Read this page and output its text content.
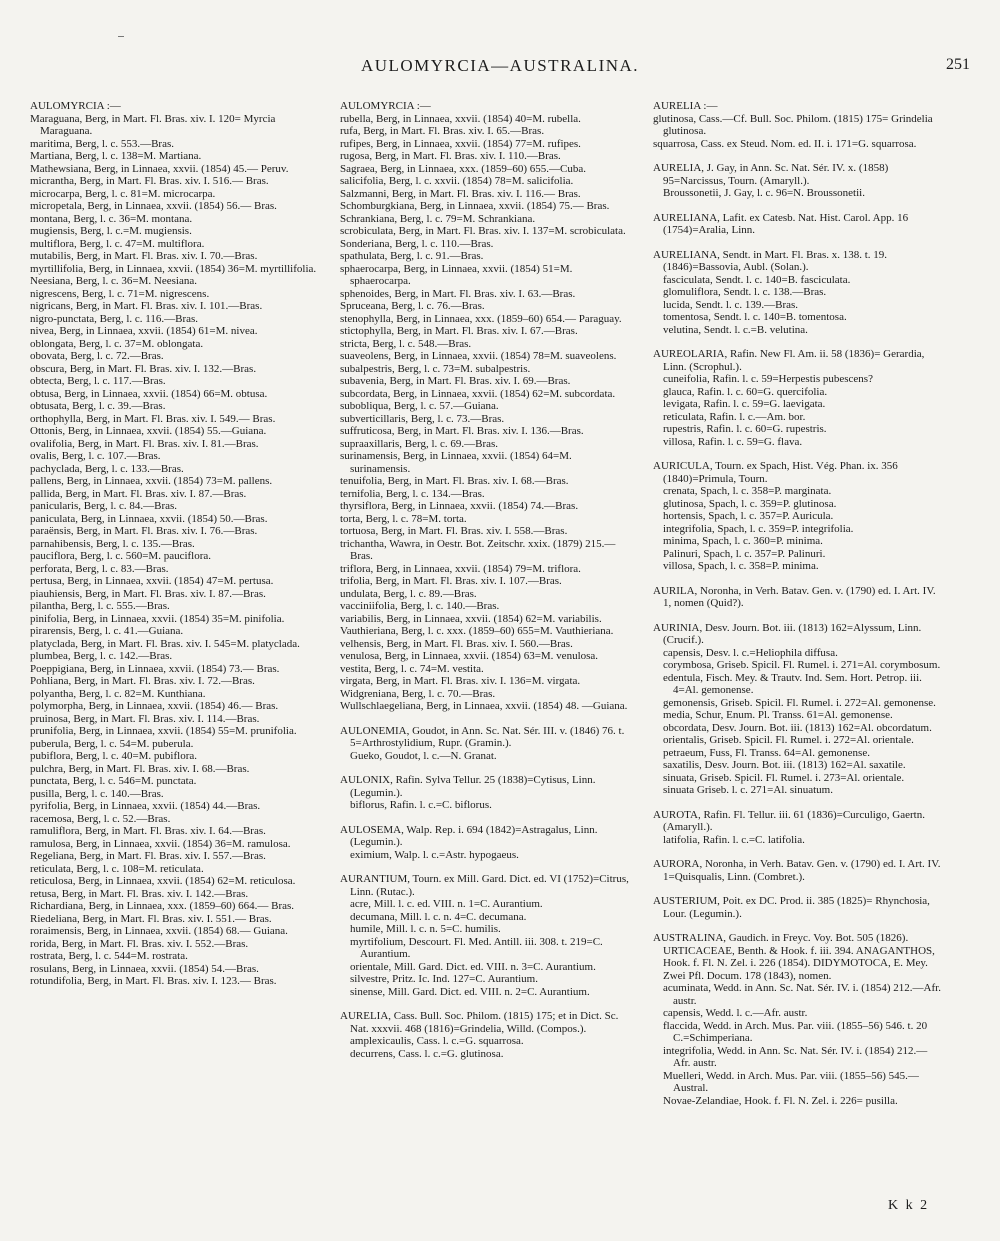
AULOMYRCIA—AUSTRALINA.	251
AULOMYRCIA :—

Maraguana, Berg, in Mart. Fl. Bras. xiv. I. 120= Myrcia Maraguana.

maritima, Berg, l. c. 553.—Bras.

Martiana, Berg, l. c. 138=M. Martiana.

Mathewsiana, Berg, in Linnaea, xxvii. (1854) 45.— Peruv.

micrantha, Berg, in Mart. Fl. Bras. xiv. I. 516.— Bras.

microcarpa, Berg, l. c. 81=M. microcarpa.

micropetala, Berg, in Linnaea, xxvii. (1854) 56.— Bras.

montana, Berg, l. c. 36=M. montana.

mugiensis, Berg, l. c.=M. mugiensis.

multiflora, Berg, l. c. 47=M. multiflora.

mutabilis, Berg, in Mart. Fl. Bras. xiv. I. 70.—Bras.

myrtillifolia, Berg, in Linnaea, xxvii. (1854) 36=M. myrtillifolia.

Neesiana, Berg, l. c. 36=M. Neesiana.

nigrescens, Berg, l. c. 71=M. nigrescens.

nigricans, Berg, in Mart. Fl. Bras. xiv. I. 101.—Bras.

nigro-punctata, Berg, l. c. 116.—Bras.

nivea, Berg, in Linnaea, xxvii. (1854) 61=M. nivea.

oblongata, Berg, l. c. 37=M. oblongata.

obovata, Berg, l. c. 72.—Bras.

obscura, Berg, in Mart. Fl. Bras. xiv. I. 132.—Bras.

obtecta, Berg, l. c. 117.—Bras.

obtusa, Berg, in Linnaea, xxvii. (1854) 66=M. obtusa.

obtusata, Berg, l. c. 39.—Bras.

orthophylla, Berg, in Mart. Fl. Bras. xiv. I. 549.— Bras.

Ottonis, Berg, in Linnaea, xxvii. (1854) 55.—Guiana.

ovalifolia, Berg, in Mart. Fl. Bras. xiv. I. 81.—Bras.

ovalis, Berg, l. c. 107.—Bras.

pachyclada, Berg, l. c. 133.—Bras.

pallens, Berg, in Linnaea, xxvii. (1854) 73=M. pallens.

pallida, Berg, in Mart. Fl. Bras. xiv. I. 87.—Bras.

panicularis, Berg, l. c. 84.—Bras.

paniculata, Berg, in Linnaea, xxvii. (1854) 50.—Bras.

paraënsis, Berg, in Mart. Fl. Bras. xiv. I. 76.—Bras.

parnahibensis, Berg, l. c. 135.—Bras.

pauciflora, Berg, l. c. 560=M. pauciflora.

perforata, Berg, l. c. 83.—Bras.

pertusa, Berg, in Linnaea, xxvii. (1854) 47=M. pertusa.

piauhiensis, Berg, in Mart. Fl. Bras. xiv. I. 87.—Bras.

pilantha, Berg, l. c. 555.—Bras.

pinifolia, Berg, in Linnaea, xxvii. (1854) 35=M. pinifolia.

pirarensis, Berg, l. c. 41.—Guiana.

platyclada, Berg, in Mart. Fl. Bras. xiv. I. 545=M. platyclada.

plumbea, Berg, l. c. 142.—Bras.

Poeppigiana, Berg, in Linnaea, xxvii. (1854) 73.— Bras.

Pohliana, Berg, in Mart. Fl. Bras. xiv. I. 72.—Bras.

polyantha, Berg, l. c. 82=M. Kunthiana.

polymorpha, Berg, in Linnaea, xxvii. (1854) 46.— Bras.

pruinosa, Berg, in Mart. Fl. Bras. xiv. I. 114.—Bras.

prunifolia, Berg, in Linnaea, xxvii. (1854) 55=M. prunifolia.

puberula, Berg, l. c. 54=M. puberula.

pubiflora, Berg, l. c. 40=M. pubiflora.

pulchra, Berg, in Mart. Fl. Bras. xiv. I. 68.—Bras.

punctata, Berg, l. c. 546=M. punctata.

pusilla, Berg, l. c. 140.—Bras.

pyrifolia, Berg, in Linnaea, xxvii. (1854) 44.—Bras.

racemosa, Berg, l. c. 52.—Bras.

ramuliflora, Berg, in Mart. Fl. Bras. xiv. I. 64.—Bras.

ramulosa, Berg, in Linnaea, xxvii. (1854) 36=M. ramulosa.

Regeliana, Berg, in Mart. Fl. Bras. xiv. I. 557.—Bras.

reticulata, Berg, l. c. 108=M. reticulata.

reticulosa, Berg, in Linnaea, xxvii. (1854) 62=M. reticulosa.

retusa, Berg, in Mart. Fl. Bras. xiv. I. 142.—Bras.

Richardiana, Berg, in Linnaea, xxx. (1859–60) 664.— Bras.

Riedeliana, Berg, in Mart. Fl. Bras. xiv. I. 551.— Bras.

roraimensis, Berg, in Linnaea, xxvii. (1854) 68.— Guiana.

rorida, Berg, in Mart. Fl. Bras. xiv. I. 552.—Bras.

rostrata, Berg, l. c. 544=M. rostrata.

rosulans, Berg, in Linnaea, xxvii. (1854) 54.—Bras.

rotundifolia, Berg, in Mart. Fl. Bras. xiv. I. 123.— Bras.

AULOMYRCIA :—

rubella, Berg, in Linnaea, xxvii. (1854) 40=M. rubella.

rufa, Berg, in Mart. Fl. Bras. xiv. I. 65.—Bras.

rufipes, Berg, in Linnaea, xxvii. (1854) 77=M. rufipes.

rugosa, Berg, in Mart. Fl. Bras. xiv. I. 110.—Bras.

Sagraea, Berg, in Linnaea, xxx. (1859–60) 655.—Cuba.

salicifolia, Berg, l. c. xxvii. (1854) 78=M. salicifolia.

Salzmanni, Berg, in Mart. Fl. Bras. xiv. I. 116.— Bras.

Schomburgkiana, Berg, in Linnaea, xxvii. (1854) 75.— Bras.

Schrankiana, Berg, l. c. 79=M. Schrankiana.

scrobiculata, Berg, in Mart. Fl. Bras. xiv. I. 137=M. scrobiculata.

Sonderiana, Berg, l. c. 110.—Bras.

spathulata, Berg, l. c. 91.—Bras.

sphaerocarpa, Berg, in Linnaea, xxvii. (1854) 51=M. sphaerocarpa.

sphenoides, Berg, in Mart. Fl. Bras. xiv. I. 63.—Bras.

Spruceana, Berg, l. c. 76.—Bras.

stenophylla, Berg, in Linnaea, xxx. (1859–60) 654.— Paraguay.

stictophylla, Berg, in Mart. Fl. Bras. xiv. I. 67.—Bras.

stricta, Berg, l. c. 548.—Bras.

suaveolens, Berg, in Linnaea, xxvii. (1854) 78=M. suaveolens.

subalpestris, Berg, l. c. 73=M. subalpestris.

subavenia, Berg, in Mart. Fl. Bras. xiv. I. 69.—Bras.

subcordata, Berg, in Linnaea, xxvii. (1854) 62=M. subcordata.

subobliqua, Berg, l. c. 57.—Guiana.

subverticillaris, Berg, l. c. 73.—Bras.

suffruticosa, Berg, in Mart. Fl. Bras. xiv. I. 136.—Bras.

supraaxillaris, Berg, l. c. 69.—Bras.

surinamensis, Berg, in Linnaea, xxvii. (1854) 64=M. surinamensis.

tenuifolia, Berg, in Mart. Fl. Bras. xiv. I. 68.—Bras.

ternifolia, Berg, l. c. 134.—Bras.

thyrsiflora, Berg, in Linnaea, xxvii. (1854) 74.—Bras.

torta, Berg, l. c. 78=M. torta.

tortuosa, Berg, in Mart. Fl. Bras. xiv. I. 558.—Bras.

trichantha, Wawra, in Oestr. Bot. Zeitschr. xxix. (1879) 215.—Bras.

triflora, Berg, in Linnaea, xxvii. (1854) 79=M. triflora.

trifolia, Berg, in Mart. Fl. Bras. xiv. I. 107.—Bras.

undulata, Berg, l. c. 89.—Bras.

vacciniifolia, Berg, l. c. 140.—Bras.

variabilis, Berg, in Linnaea, xxvii. (1854) 62=M. variabilis.

Vauthieriana, Berg, l. c. xxx. (1859–60) 655=M. Vauthieriana.

velhensis, Berg, in Mart. Fl. Bras. xiv. I. 560.—Bras.

venulosa, Berg, in Linnaea, xxvii. (1854) 63=M. venulosa.

vestita, Berg, l. c. 74=M. vestita.

virgata, Berg, in Mart. Fl. Bras. xiv. I. 136=M. virgata.

Widgreniana, Berg, l. c. 70.—Bras.

Wullschlaegeliana, Berg, in Linnaea, xxvii. (1854) 48. —Guiana.

AULONEMIA, Goudot, in Ann. Sc. Nat. Sér. III. v. (1846) 76. t. 5=Arthrostylidium, Rupr. (Gramin.).

Gueko, Goudot, l. c.—N. Granat.

AULONIX, Rafin. Sylva Tellur. 25 (1838)=Cytisus, Linn. (Legumin.).

biflorus, Rafin. l. c.=C. biflorus.

AULOSEMA, Walp. Rep. i. 694 (1842)=Astragalus, Linn. (Legumin.).

eximium, Walp. l. c.=Astr. hypogaeus.

AURANTIUM, Tourn. ex Mill. Gard. Dict. ed. VI (1752)=Citrus, Linn. (Rutac.).

acre, Mill. l. c. ed. VIII. n. 1=C. Aurantium.

decumana, Mill. l. c. n. 4=C. decumana.

humile, Mill. l. c. n. 5=C. humilis.

myrtifolium, Descourt. Fl. Med. Antill. iii. 308. t. 219=C. Aurantium.

orientale, Mill. Gard. Dict. ed. VIII. n. 3=C. Aurantium.

silvestre, Pritz. Ic. Ind. 127=C. Aurantium.

sinense, Mill. Gard. Dict. ed. VIII. n. 2=C. Aurantium.

AURELIA, Cass. Bull. Soc. Philom. (1815) 175; et in Dict. Sc. Nat. xxxvii. 468 (1816)=Grindelia, Willd. (Compos.).

amplexicaulis, Cass. l. c.=G. squarrosa.

decurrens, Cass. l. c.=G. glutinosa.

AURELIA :—

glutinosa, Cass.—Cf. Bull. Soc. Philom. (1815) 175= Grindelia glutinosa.

squarrosa, Cass. ex Steud. Nom. ed. II. i. 171=G. squarrosa.

AURELIA, J. Gay, in Ann. Sc. Nat. Sér. IV. x. (1858) 95=Narcissus, Tourn. (Amaryll.).

Broussonetii, J. Gay, l. c. 96=N. Broussonetii.

AURELIANA, Lafit. ex Catesb. Nat. Hist. Carol. App. 16 (1754)=Aralia, Linn.

AURELIANA, Sendt. in Mart. Fl. Bras. x. 138. t. 19. (1846)=Bassovia, Aubl. (Solan.).

fasciculata, Sendt. l. c. 140=B. fasciculata.

glomuliflora, Sendt. l. c. 138.—Bras.

lucida, Sendt. l. c. 139.—Bras.

tomentosa, Sendt. l. c. 140=B. tomentosa.

velutina, Sendt. l. c.=B. velutina.

AUREOLARIA, Rafin. New Fl. Am. ii. 58 (1836)= Gerardia, Linn. (Scrophul.).

cuneifolia, Rafin. l. c. 59=Herpestis pubescens?

glauca, Rafin. l. c. 60=G. quercifolia.

levigata, Rafin. l. c. 59=G. laevigata.

reticulata, Rafin. l. c.—Am. bor.

rupestris, Rafin. l. c. 60=G. rupestris.

villosa, Rafin. l. c. 59=G. flava.

AURICULA, Tourn. ex Spach, Hist. Vég. Phan. ix. 356 (1840)=Primula, Tourn.

crenata, Spach, l. c. 358=P. marginata.

glutinosa, Spach, l. c. 359=P. glutinosa.

hortensis, Spach, l. c. 357=P. Auricula.

integrifolia, Spach, l. c. 359=P. integrifolia.

minima, Spach, l. c. 360=P. minima.

Palinuri, Spach, l. c. 357=P. Palinuri.

villosa, Spach, l. c. 358=P. minima.

AURILA, Noronha, in Verh. Batav. Gen. v. (1790) ed. I. Art. IV. 1, nomen (Quid?).

AURINIA, Desv. Journ. Bot. iii. (1813) 162=Alyssum, Linn. (Crucif.).

capensis, Desv. l. c.=Heliophila diffusa.

corymbosa, Griseb. Spicil. Fl. Rumel. i. 271=Al. corymbosum.

edentula, Fisch. Mey. & Trautv. Ind. Sem. Hort. Petrop. iii. 4=Al. gemonense.

gemonensis, Griseb. Spicil. Fl. Rumel. i. 272=Al. gemonense.

media, Schur, Enum. Pl. Transs. 61=Al. gemonense.

obcordata, Desv. Journ. Bot. iii. (1813) 162=Al. obcordatum.

orientalis, Griseb. Spicil. Fl. Rumel. i. 272=Al. orientale.

petraeum, Fuss, Fl. Transs. 64=Al. gemonense.

saxatilis, Desv. Journ. Bot. iii. (1813) 162=Al. saxatile.

sinuata, Griseb. Spicil. Fl. Rumel. i. 273=Al. orientale.

sinuata Griseb. l. c. 271=Al. sinuatum.

AUROTA, Rafin. Fl. Tellur. iii. 61 (1836)=Curculigo, Gaertn. (Amaryll.).

latifolia, Rafin. l. c.=C. latifolia.

AURORA, Noronha, in Verh. Batav. Gen. v. (1790) ed. I. Art. IV. 1=Quisqualis, Linn. (Combret.).

AUSTERIUM, Poit. ex DC. Prod. ii. 385 (1825)= Rhynchosia, Lour. (Legumin.).

AUSTRALINA, Gaudich. in Freyc. Voy. Bot. 505 (1826). URTICACEAE, Benth. & Hook. f. iii. 394. ANAGANTHOS, Hook. f. Fl. N. Zel. i. 226 (1854). DIDYMOTOCA, E. Mey. Zwei Pfl. Docum. 178 (1843), nomen.

acuminata, Wedd. in Ann. Sc. Nat. Sér. IV. i. (1854) 212.—Afr. austr.

capensis, Wedd. l. c.—Afr. austr.

flaccida, Wedd. in Arch. Mus. Par. viii. (1855–56) 546. t. 20 C.=Schimperiana.

integrifolia, Wedd. in Ann. Sc. Nat. Sér. IV. i. (1854) 212.—Afr. austr.

Muelleri, Wedd. in Arch. Mus. Par. viii. (1855–56) 545.—Austral.

Novae-Zelandiae, Hook. f. Fl. N. Zel. i. 226= pusilla.

K k 2
